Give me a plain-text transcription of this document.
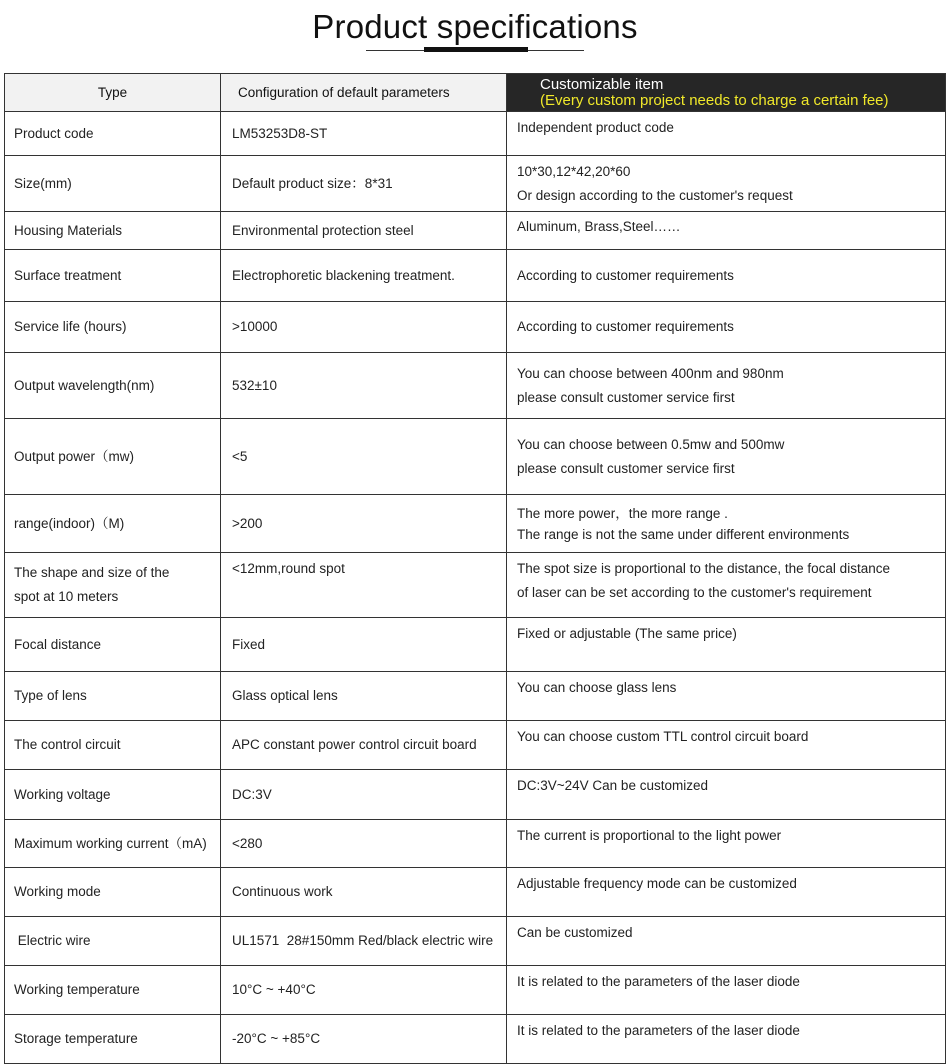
Product specifications
Type	Configuration of default parameters	Customizable item
(Every custom project needs to charge a certain fee)

Product code	LM53253D8-ST	Independent product code

Size(mm)	Default product size：8*31	10*30,12*42,20*60
Or design according to the customer's request

Housing Materials	Environmental protection steel	Aluminum, Brass,Steel……

Surface treatment	Electrophoretic blackening treatment.	According to customer requirements

Service life (hours)	>10000	According to customer requirements

Output wavelength(nm)	532±10	You can choose between 400nm and 980nm
please consult customer service first

Output power（mw)	<5	You can choose between 0.5mw and 500mw
please consult customer service first

range(indoor)（M)	>200	The more power，the more range .
The range is not the same under different environments

The shape and size of the
spot at 10 meters	<12mm,round spot	The spot size is proportional to the distance, the focal distance
of laser can be set according to the customer's requirement

Focal distance	Fixed	Fixed or adjustable (The same price)

Type of lens	Glass optical lens	You can choose glass lens

The control circuit	APC constant power control circuit board	You can choose custom TTL control circuit board

Working voltage	DC:3V	DC:3V~24V Can be customized

Maximum working current（mA)	<280	The current is proportional to the light power

Working mode	Continuous work	Adjustable frequency mode can be customized

Electric wire	UL1571  28#150mm Red/black electric wire	Can be customized

Working temperature	10°C ~ +40°C	It is related to the parameters of the laser diode

Storage temperature	-20°C ~ +85°C	It is related to the parameters of the laser diode
